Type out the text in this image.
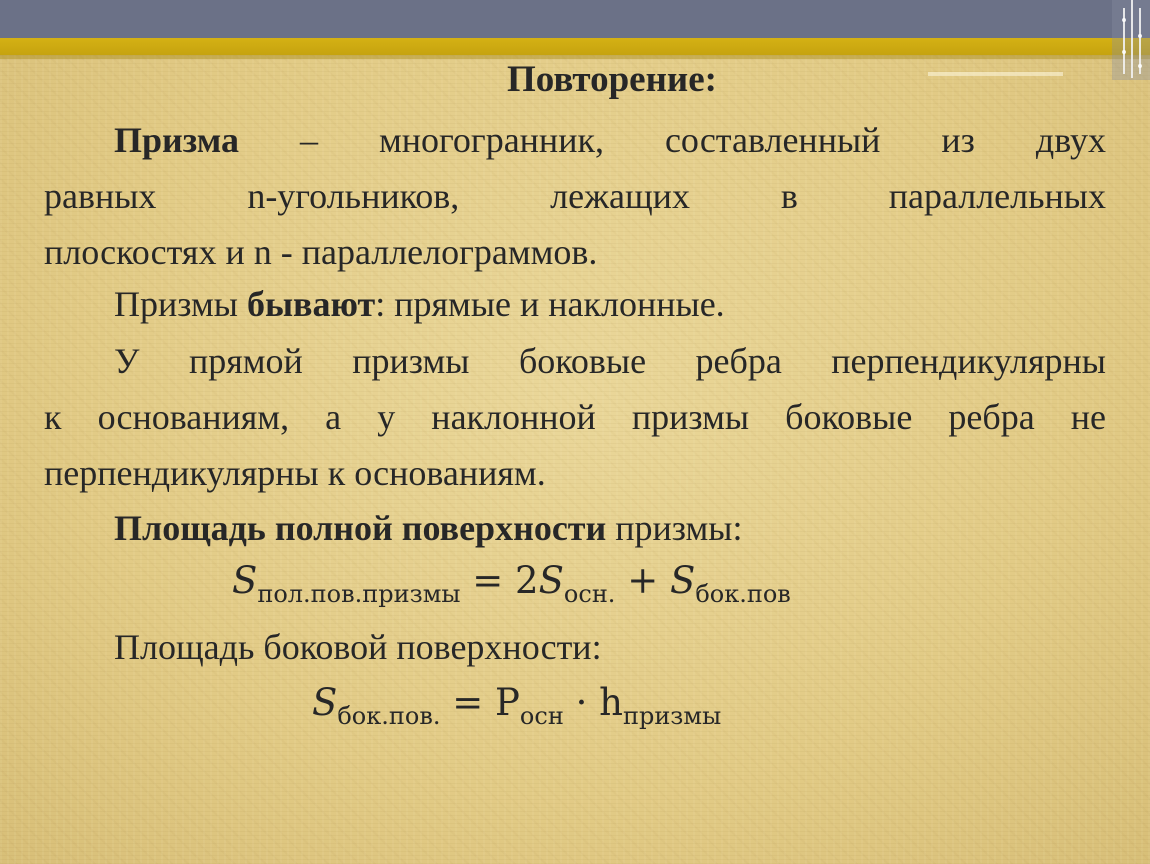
Повторение:

Призма – многогранник, составленный из двух
равных n-угольников, лежащих в параллельных
плоскостях и n - параллелограммов.

Призмы бывают: прямые и наклонные.

У прямой призмы боковые ребра перпендикулярны
к основаниям, а у наклонной призмы боковые ребра не
перпендикулярны к основаниям.

Площадь полной поверхности призмы:

$S_{пол.пов.призмы} = 2S_{осн.} + S_{бок.пов}$

Площадь боковой поверхности:

$S_{бок.пов.} = P_{осн} \cdot h_{призмы}$
